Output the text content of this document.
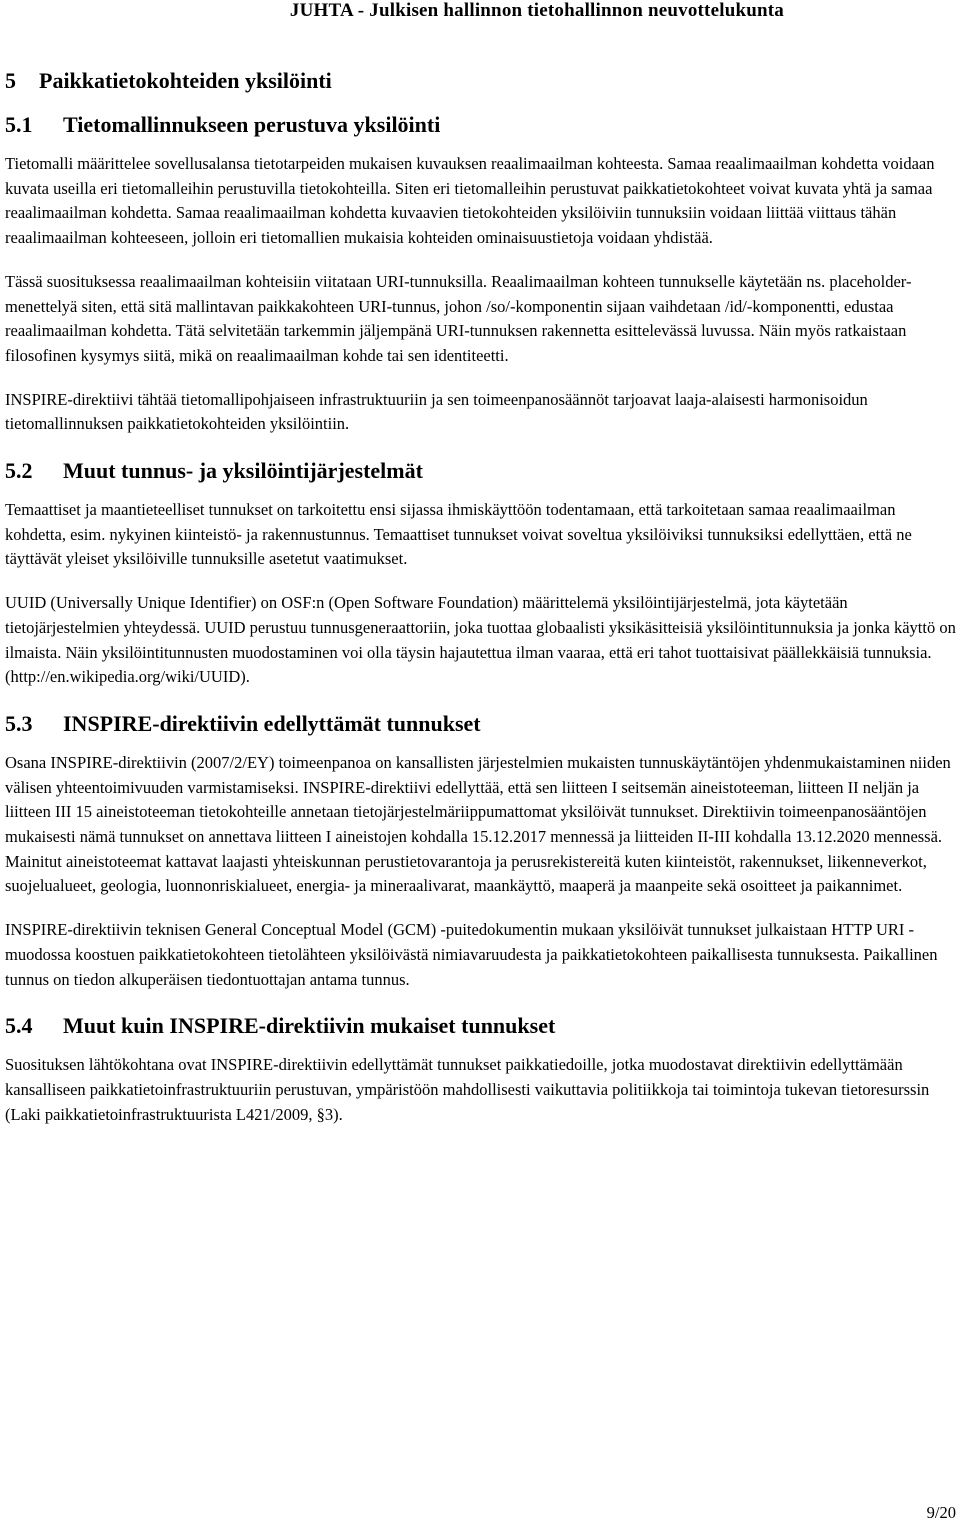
JUHTA - Julkisen hallinnon tietohallinnon neuvottelukunta
5	Paikkatietokohteiden yksilöinti
5.1	Tietomallinnukseen perustuva yksilöinti

Tietomalli määrittelee sovellusalansa tietotarpeiden mukaisen kuvauksen reaalimaailman kohteesta. Samaa reaalimaailman kohdetta voidaan kuvata useilla eri tietomalleihin perustuvilla tietokohteilla. Siten eri tietomalleihin perustuvat paikkatietokohteet voivat kuvata yhtä ja samaa reaalimaailman kohdetta. Samaa reaalimaailman kohdetta kuvaavien tietokohteiden yksilöiviin tunnuksiin voidaan liittää viittaus tähän reaalimaailman kohteeseen, jolloin eri tietomallien mukaisia kohteiden ominaisuustietoja voidaan yhdistää.

Tässä suosituksessa reaalimaailman kohteisiin viitataan URI-tunnuksilla. Reaalimaailman kohteen tunnukselle käytetään ns. placeholder-menettelyä siten, että sitä mallintavan paikkakohteen URI-tunnus, johon /so/-komponentin sijaan vaihdetaan /id/-komponentti, edustaa reaalimaailman kohdetta. Tätä selvitetään tarkemmin jäljempänä URI-tunnuksen rakennetta esittelevässä luvussa. Näin myös ratkaistaan filosofinen kysymys siitä, mikä on reaalimaailman kohde tai sen identiteetti.

INSPIRE-direktiivi tähtää tietomallipohjaiseen infrastruktuuriin ja sen toimeenpanosäännöt tarjoavat laaja-alaisesti harmonisoidun tietomallinnuksen paikkatietokohteiden yksilöintiin.

5.2	Muut tunnus- ja yksilöintijärjestelmät

Temaattiset ja maantieteelliset tunnukset on tarkoitettu ensi sijassa ihmiskäyttöön todentamaan, että tarkoitetaan samaa reaalimaailman kohdetta, esim. nykyinen kiinteistö- ja rakennustunnus. Temaattiset tunnukset voivat soveltua yksilöiviksi tunnuksiksi edellyttäen, että ne täyttävät yleiset yksilöiville tunnuksille asetetut vaatimukset.

UUID (Universally Unique Identifier) on OSF:n (Open Software Foundation) määrittelemä yksilöintijärjestelmä, jota käytetään tietojärjestelmien yhteydessä. UUID perustuu tunnusgeneraattoriin, joka tuottaa globaalisti yksikäsitteisiä yksilöintitunnuksia ja jonka käyttö on ilmaista. Näin yksilöintitunnusten muodostaminen voi olla täysin hajautettua ilman vaaraa, että eri tahot tuottaisivat päällekkäisiä tunnuksia. (http://en.wikipedia.org/wiki/UUID).

5.3	INSPIRE-direktiivin edellyttämät tunnukset

Osana INSPIRE-direktiivin (2007/2/EY) toimeenpanoa on kansallisten järjestelmien mukaisten tunnuskäytäntöjen yhdenmukaistaminen niiden välisen yhteentoimivuuden varmistamiseksi. INSPIRE-direktiivi edellyttää, että sen liitteen I seitsemän aineistoteeman, liitteen II neljän ja liitteen III 15 aineistoteeman tietokohteille annetaan tietojärjestelmäriippumattomat yksilöivät tunnukset. Direktiivin toimeenpanosääntöjen mukaisesti nämä tunnukset on annettava liitteen I aineistojen kohdalla 15.12.2017 mennessä ja liitteiden II-III kohdalla 13.12.2020 mennessä. Mainitut aineistoteemat kattavat laajasti yhteiskunnan perustietovarantoja ja perusrekistereitä kuten kiinteistöt, rakennukset, liikenneverkot, suojelualueet, geologia, luonnonriskialueet, energia- ja mineraalivarat, maankäyttö, maaperä ja maanpeite sekä osoitteet ja paikannimet.

INSPIRE-direktiivin teknisen General Conceptual Model (GCM) -puitedokumentin mukaan yksilöivät tunnukset julkaistaan HTTP URI -muodossa koostuen paikkatietokohteen tietolähteen yksilöivästä nimiavaruudesta ja paikkatietokohteen paikallisesta tunnuksesta. Paikallinen tunnus on tiedon alkuperäisen tiedontuottajan antama tunnus.

5.4	Muut kuin INSPIRE-direktiivin mukaiset tunnukset

Suosituksen lähtökohtana ovat INSPIRE-direktiivin edellyttämät tunnukset paikkatiedoille, jotka muodostavat direktiivin edellyttämään kansalliseen paikkatietoinfrastruktuuriin perustuvan, ympäristöön mahdollisesti vaikuttavia politiikkoja tai toimintoja tukevan tietoresurssin (Laki paikkatietoinfrastruktuurista L421/2009, §3).

9/20
